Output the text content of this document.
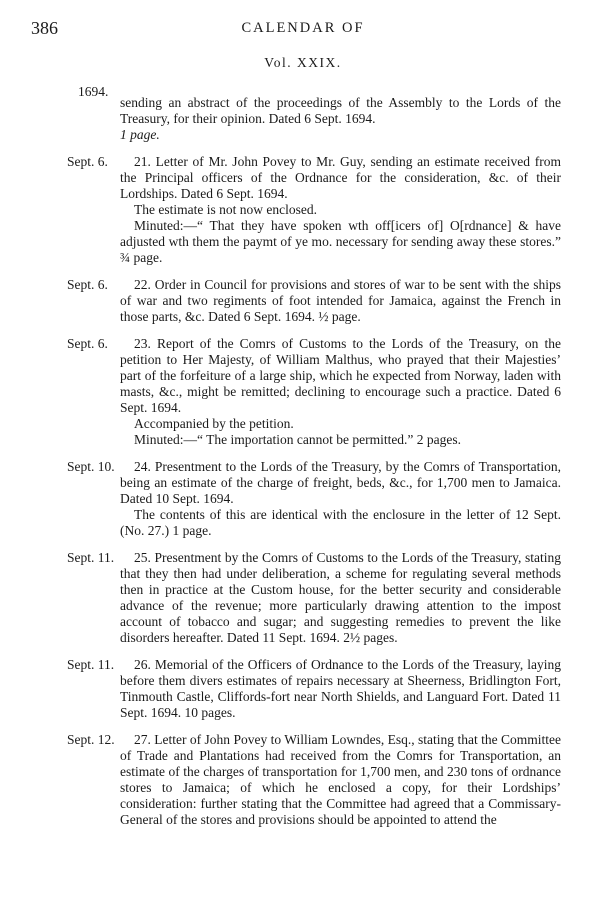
386	CALENDAR OF
Vol. XXIX.
1694.
sending an abstract of the proceedings of the Assembly to the Lords of the Treasury, for their opinion. Dated 6 Sept. 1694.
1 page.
Sept. 6.	21. Letter of Mr. John Povey to Mr. Guy, sending an estimate received from the Principal officers of the Ordnance for the consideration, &c. of their Lordships. Dated 6 Sept. 1694.
The estimate is not now enclosed.
Minuted:—“ That they have spoken wth off[icers of] O[rdnance] & have adjusted wth them the paymt of ye mo. necessary for sending away these stores.” ¾ page.
Sept. 6.	22. Order in Council for provisions and stores of war to be sent with the ships of war and two regiments of foot intended for Jamaica, against the French in those parts, &c. Dated 6 Sept. 1694. ½ page.
Sept. 6.	23. Report of the Comrs of Customs to the Lords of the Treasury, on the petition to Her Majesty, of William Malthus, who prayed that their Majesties’ part of the forfeiture of a large ship, which he expected from Norway, laden with masts, &c., might be remitted; declining to encourage such a practice. Dated 6 Sept. 1694.
Accompanied by the petition.
Minuted:—“ The importation cannot be permitted.” 2 pages.
Sept. 10.	24. Presentment to the Lords of the Treasury, by the Comrs of Transportation, being an estimate of the charge of freight, beds, &c., for 1,700 men to Jamaica. Dated 10 Sept. 1694.
The contents of this are identical with the enclosure in the letter of 12 Sept. (No. 27.) 1 page.
Sept. 11.	25. Presentment by the Comrs of Customs to the Lords of the Treasury, stating that they then had under deliberation, a scheme for regulating several methods then in practice at the Custom house, for the better security and considerable advance of the revenue; more particularly drawing attention to the impost account of tobacco and sugar; and suggesting remedies to prevent the like disorders hereafter. Dated 11 Sept. 1694. 2½ pages.
Sept. 11.	26. Memorial of the Officers of Ordnance to the Lords of the Treasury, laying before them divers estimates of repairs necessary at Sheerness, Bridlington Fort, Tinmouth Castle, Cliffords-fort near North Shields, and Languard Fort. Dated 11 Sept. 1694. 10 pages.
Sept. 12.	27. Letter of John Povey to William Lowndes, Esq., stating that the Committee of Trade and Plantations had received from the Comrs for Transportation, an estimate of the charges of transportation for 1,700 men, and 230 tons of ordnance stores to Jamaica; of which he enclosed a copy, for their Lordships’ consideration: further stating that the Committee had agreed that a Commissary-General of the stores and provisions should be appointed to attend the
